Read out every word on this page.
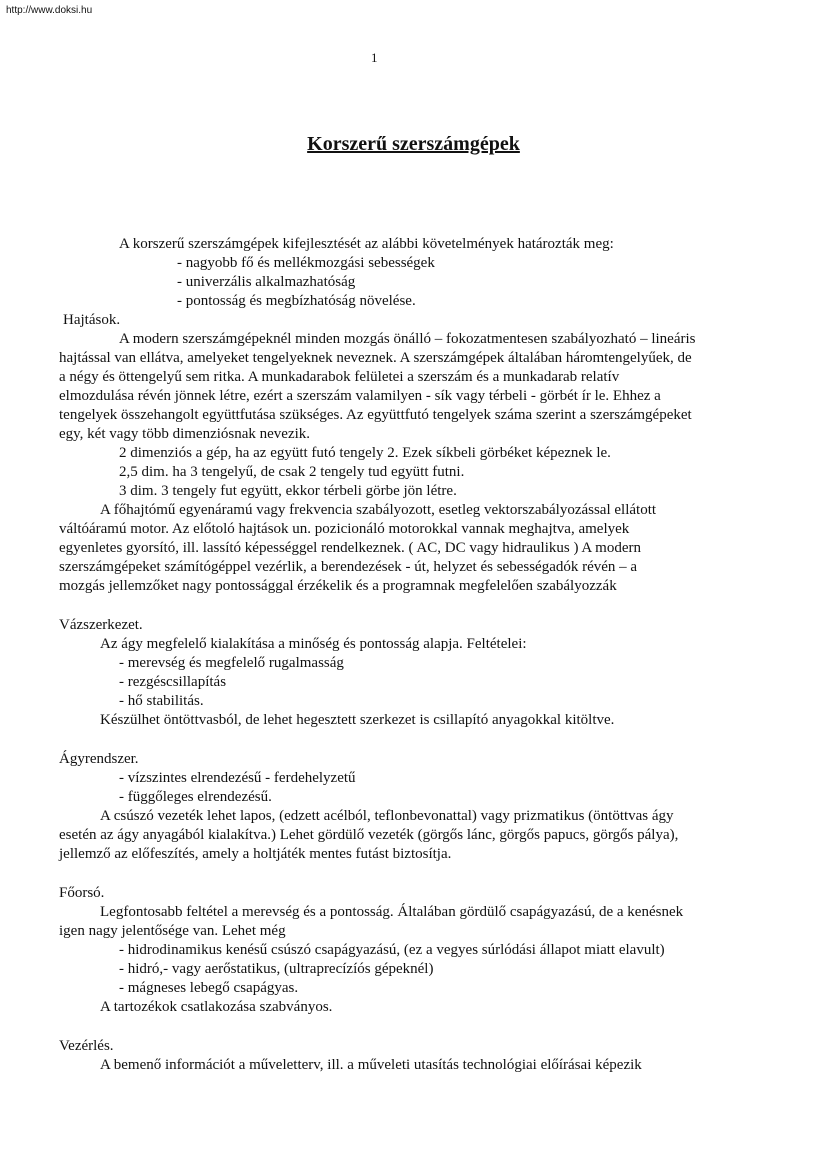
http://www.doksi.hu
1
Korszerű szerszámgépek
A korszerű szerszámgépek kifejlesztését az alábbi követelmények határozták meg:
- nagyobb fő és mellékmozgási sebességek
- univerzális alkalmazhatóság
- pontosság és megbízhatóság növelése.
Hajtások.
A modern szerszámgépeknél minden mozgás önálló – fokozatmentesen szabályozható – lineáris
hajtással van ellátva, amelyeket tengelyeknek neveznek. A szerszámgépek általában háromtengelyűek, de
a négy és öttengelyű sem ritka. A munkadarabok felületei a szerszám és a munkadarab relatív
elmozdulása révén jönnek létre, ezért a szerszám valamilyen - sík vagy térbeli - görbét ír le. Ehhez a
tengelyek összehangolt együttfutása szükséges. Az együttfutó tengelyek száma szerint a szerszámgépeket
egy, két vagy több dimenziósnak nevezik.
2 dimenziós a gép, ha az együtt futó tengely 2. Ezek síkbeli görbéket képeznek le.
2,5 dim. ha 3 tengelyű, de csak 2 tengely tud együtt futni.
3 dim. 3 tengely fut együtt, ekkor térbeli görbe jön létre.
A főhajtómű egyenáramú vagy frekvencia szabályozott, esetleg vektorszabályozással ellátott
váltóáramú motor. Az előtoló hajtások un. pozicionáló motorokkal vannak meghajtva, amelyek
egyenletes gyorsító, ill. lassító képességgel rendelkeznek. ( AC, DC vagy hidraulikus ) A modern
szerszámgépeket számítógéppel vezérlik, a berendezések - út, helyzet és sebességadók révén – a
mozgás jellemzőket nagy pontossággal érzékelik és a programnak megfelelően szabályozzák
Vázszerkezet.
Az ágy megfelelő kialakítása a minőség és pontosság alapja. Feltételei:
- merevség és megfelelő rugalmasság
- rezgéscsillapítás
- hő stabilitás.
Készülhet öntöttvasból, de lehet hegesztett szerkezet is csillapító anyagokkal kitöltve.
Ágyrendszer.
- vízszintes elrendezésű - ferdehelyzetű
- függőleges elrendezésű.
A csúszó vezeték lehet lapos, (edzett acélból, teflonbevonattal) vagy prizmatikus (öntöttvas ágy
esetén az ágy anyagából kialakítva.) Lehet gördülő vezeték (görgős lánc, görgős papucs, görgős pálya),
jellemző az előfeszítés, amely a holtjáték mentes futást biztosítja.
Főorsó.
Legfontosabb feltétel a merevség és a pontosság. Általában gördülő csapágyazású, de a kenésnek
igen nagy jelentősége van. Lehet még
- hidrodinamikus kenésű csúszó csapágyazású, (ez a vegyes súrlódási állapot miatt elavult)
- hidró,- vagy aerőstatikus, (ultraprecízíós gépeknél)
- mágneses lebegő csapágyas.
A tartozékok csatlakozása szabványos.
Vezérlés.
A bemenő információt a műveletterv, ill. a műveleti utasítás technológiai előírásai képezik
